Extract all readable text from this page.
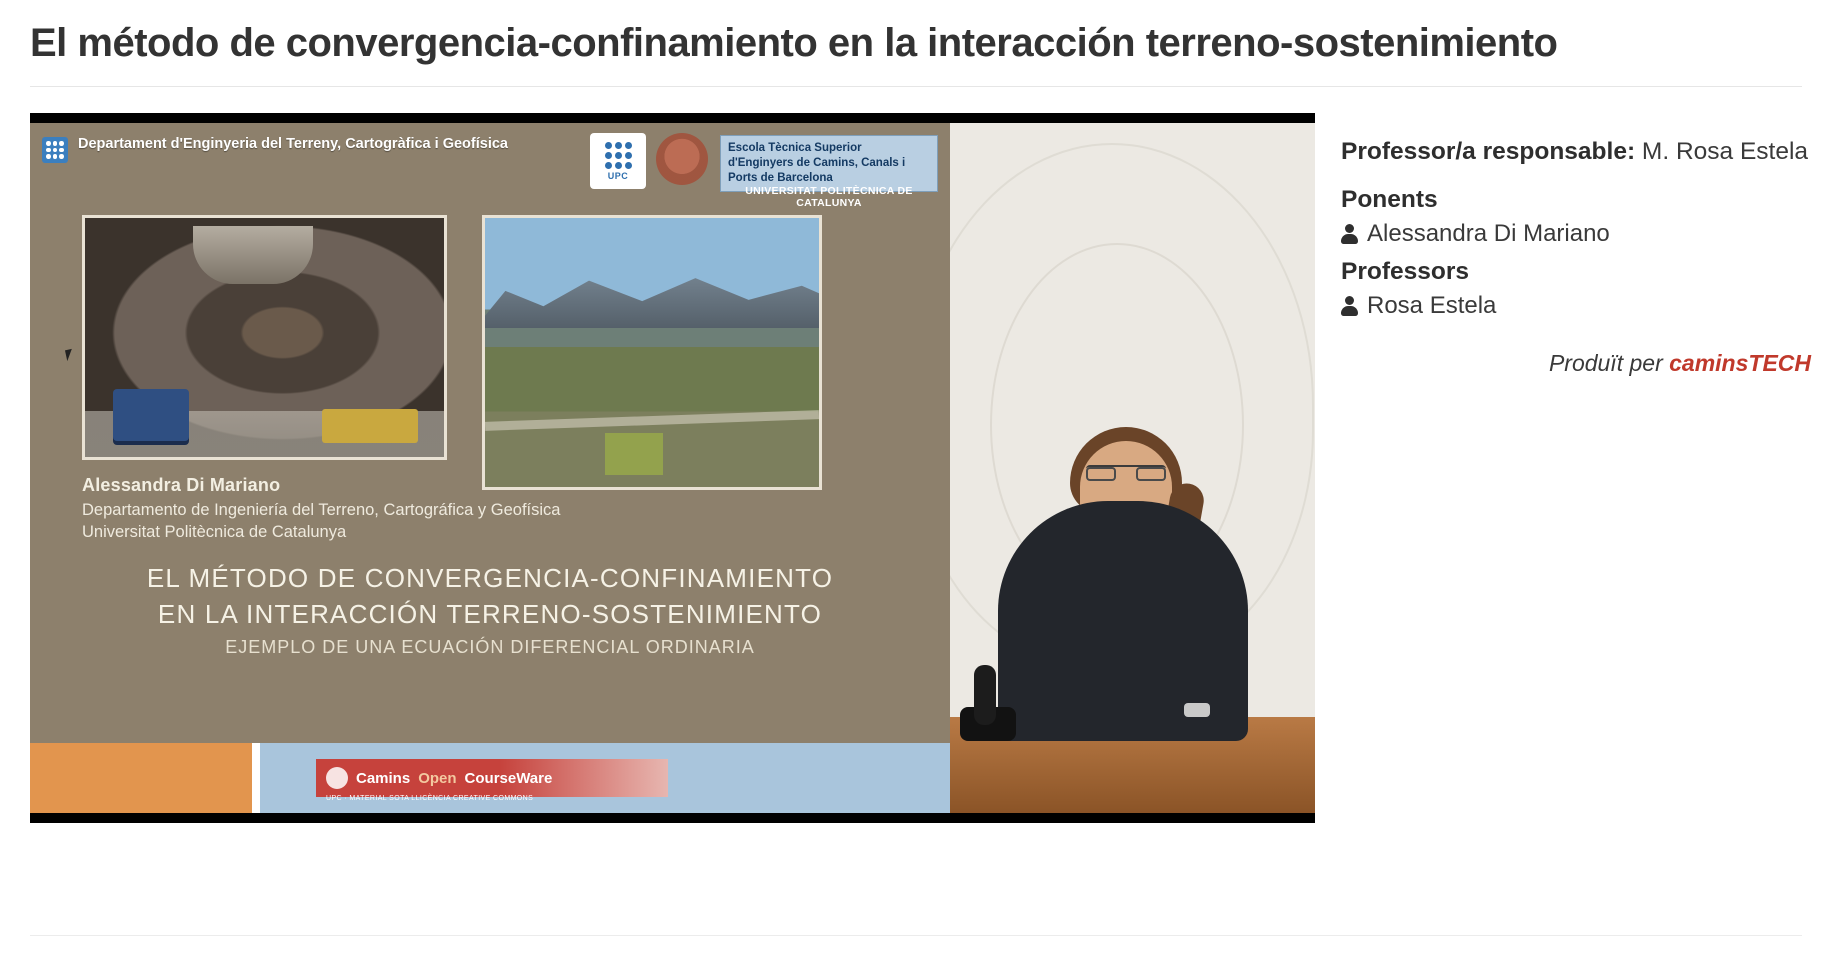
El método de convergencia-confinamiento en la interacción terreno-sostenimiento
Departament d'Enginyeria del Terreny, Cartogràfica i Geofísica
UPC
Escola Tècnica Superior d'Enginyers de Camins, Canals i Ports de Barcelona
UNIVERSITAT POLITÈCNICA DE CATALUNYA
Alessandra Di Mariano
Departamento de Ingeniería del Terreno, Cartográfica y Geofísica
Universitat Politècnica de Catalunya
EL MÉTODO DE CONVERGENCIA-CONFINAMIENTO
EN LA INTERACCIÓN TERRENO-SOSTENIMIENTO
EJEMPLO DE UNA ECUACIÓN DIFERENCIAL ORDINARIA
Camins Open CourseWare
UPC · MATERIAL SOTA LLICÈNCIA CREATIVE COMMONS

Professor/a responsable: M. Rosa Estela

Ponents
Alessandra Di Mariano
Professors
Rosa Estela
Produït per caminsTECH
